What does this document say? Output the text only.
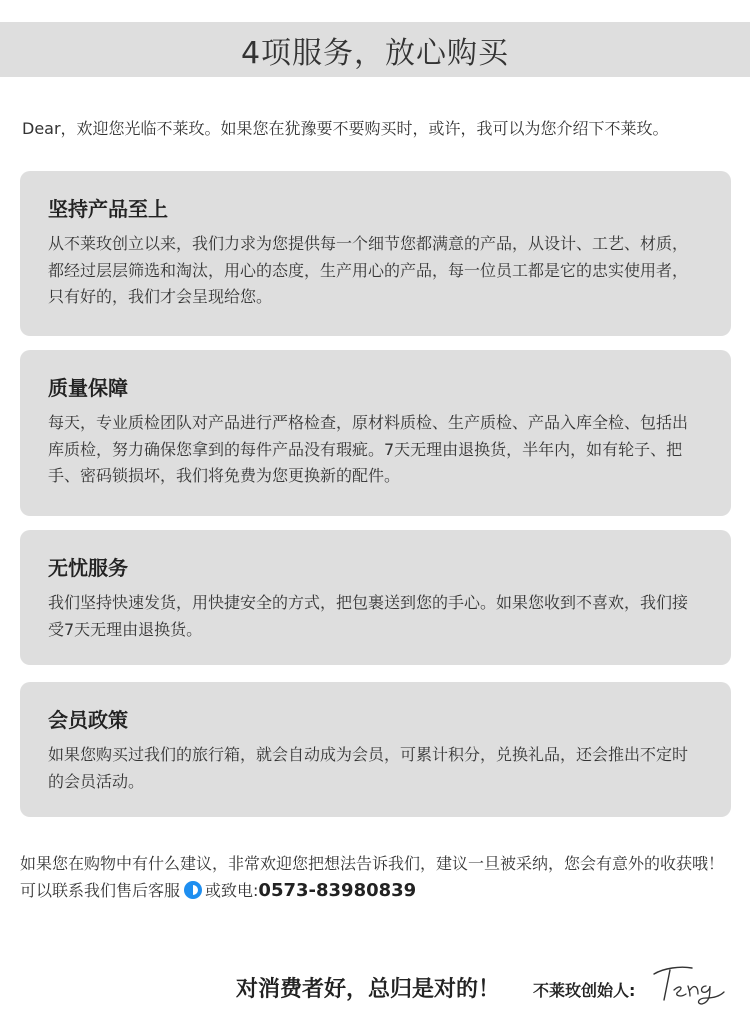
4项服务，放心购买
Dear，欢迎您光临不莱玫。如果您在犹豫要不要购买时，或许，我可以为您介绍下不莱玫。
坚持产品至上
从不莱玫创立以来，我们力求为您提供每一个细节您都满意的产品，从设计、工艺、材质，都经过层层筛选和淘汰，用心的态度，生产用心的产品，每一位员工都是它的忠实使用者，只有好的，我们才会呈现给您。
质量保障
每天，专业质检团队对产品进行严格检查，原材料质检、生产质检、产品入库全检、包括出库质检，努力确保您拿到的每件产品没有瑕疵。7天无理由退换货，半年内，如有轮子、把手、密码锁损坏，我们将免费为您更换新的配件。
无忧服务
我们坚持快速发货，用快捷安全的方式，把包裹送到您的手心。如果您收到不喜欢，我们接受7天无理由退换货。
会员政策
如果您购买过我们的旅行箱，就会自动成为会员，可累计积分，兑换礼品，还会推出不定时的会员活动。
如果您在购物中有什么建议，非常欢迎您把想法告诉我们，建议一旦被采纳，您会有意外的收获哦！可以联系我们售后客服 或致电:0573-83980839
对消费者好，总归是对的！ 不莱玫创始人:
